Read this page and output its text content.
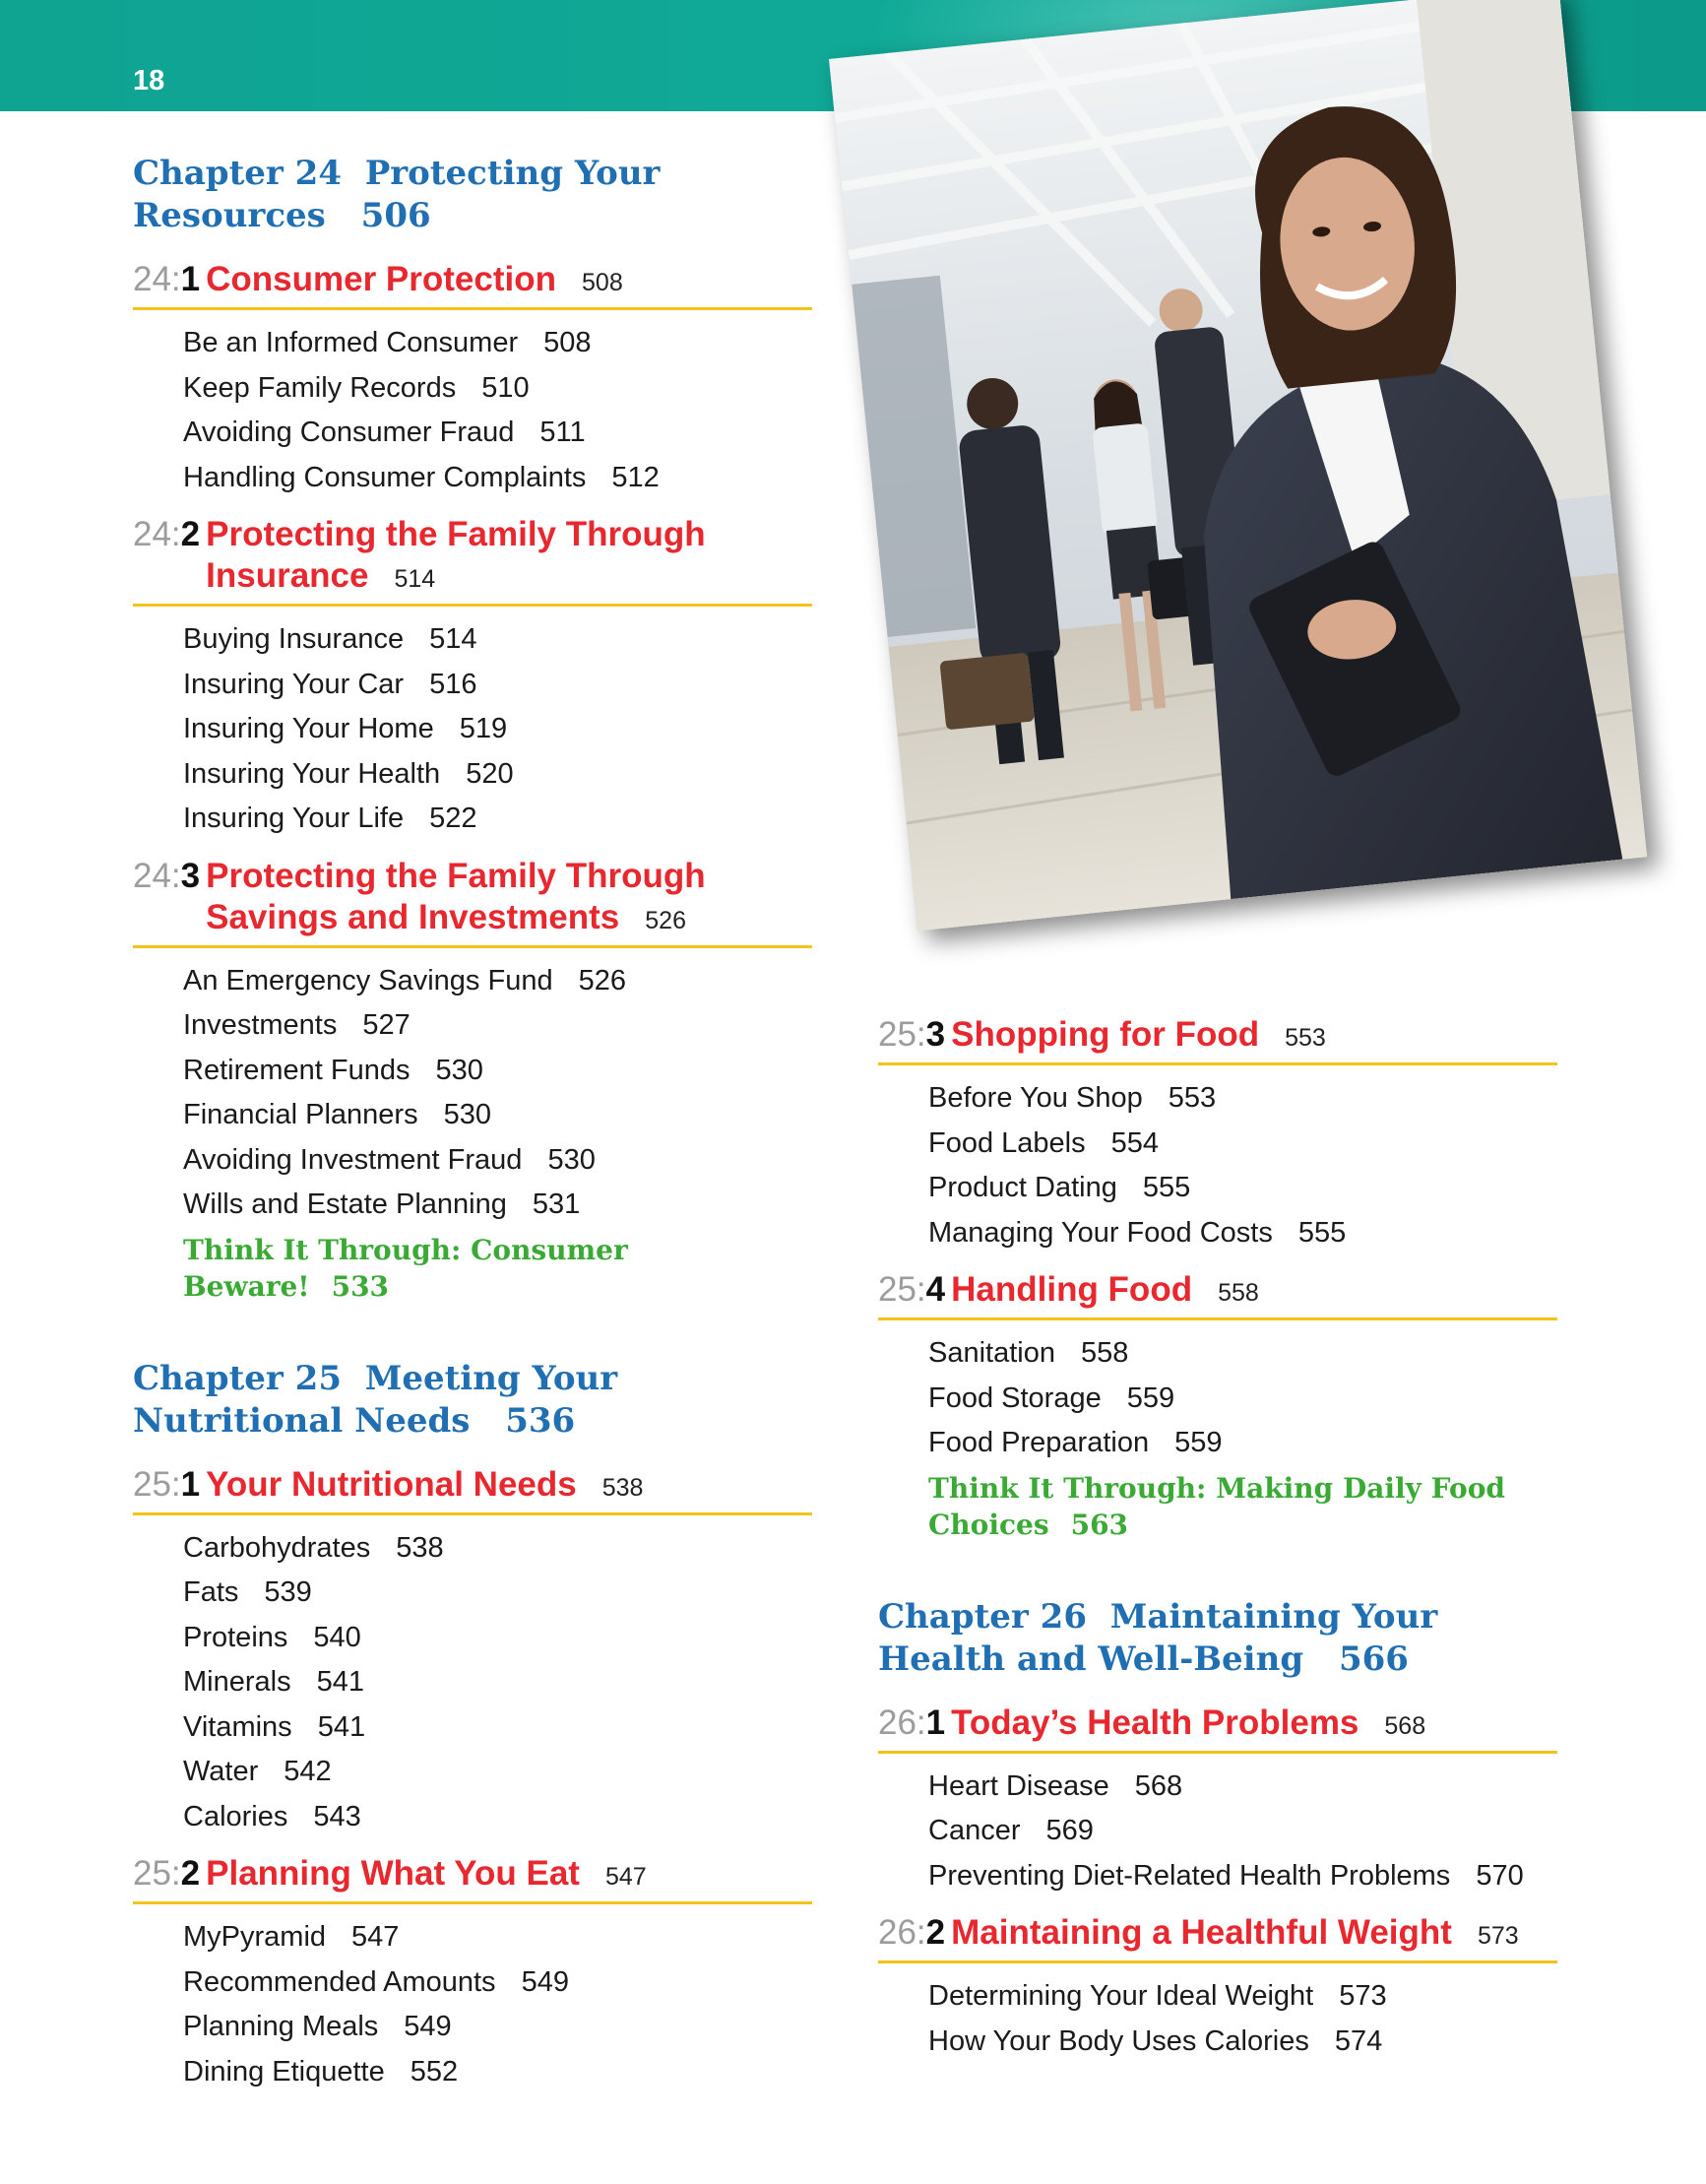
18
Chapter 24 Protecting Your Resources 506
24:1 Consumer Protection 508
Be an Informed Consumer 508
Keep Family Records 510
Avoiding Consumer Fraud 511
Handling Consumer Complaints 512
24:2 Protecting the Family Through Insurance 514
Buying Insurance 514
Insuring Your Car 516
Insuring Your Home 519
Insuring Your Health 520
Insuring Your Life 522
24:3 Protecting the Family Through Savings and Investments 526
An Emergency Savings Fund 526
Investments 527
Retirement Funds 530
Financial Planners 530
Avoiding Investment Fraud 530
Wills and Estate Planning 531
Think It Through: Consumer Beware! 533
Chapter 25 Meeting Your Nutritional Needs 536
25:1 Your Nutritional Needs 538
Carbohydrates 538
Fats 539
Proteins 540
Minerals 541
Vitamins 541
Water 542
Calories 543
25:2 Planning What You Eat 547
MyPyramid 547
Recommended Amounts 549
Planning Meals 549
Dining Etiquette 552
25:3 Shopping for Food 553
Before You Shop 553
Food Labels 554
Product Dating 555
Managing Your Food Costs 555
25:4 Handling Food 558
Sanitation 558
Food Storage 559
Food Preparation 559
Think It Through: Making Daily Food Choices 563
Chapter 26 Maintaining Your Health and Well-Being 566
26:1 Today’s Health Problems 568
Heart Disease 568
Cancer 569
Preventing Diet-Related Health Problems 570
26:2 Maintaining a Healthful Weight 573
Determining Your Ideal Weight 573
How Your Body Uses Calories 574
